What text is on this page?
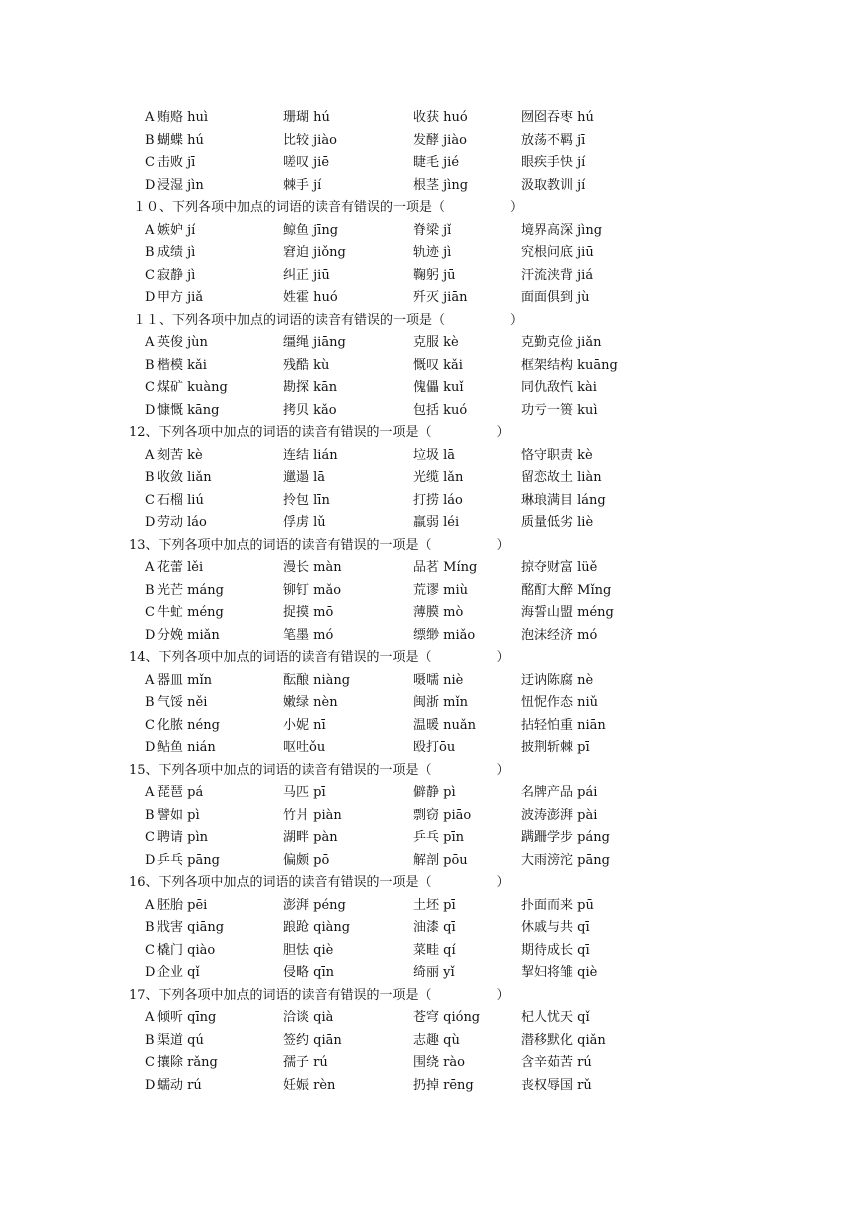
A 贿赂 huì	珊瑚 hú	收获 huó	囫囵吞枣 hú
B 蝴蝶 hú	比较 jiào	发酵 jiào	放荡不羁 jī
C 击败 jī	嗟叹 jiē	睫毛 jié	眼疾手快 jí
D 浸湿 jìn	棘手 jí	根茎 jìng	汲取教训 jí
１０、下列各项中加点的词语的读音有错误的一项是（　　　　　）
A 嫉妒 jí	鲸鱼 jīng	脊梁 jǐ	境界高深 jìng
B 成绩 jì	窘迫 jiǒng	轨迹 jì	究根问底 jiū
C 寂静 jì	纠正 jiū	鞠躬 jū	汗流浃背 jiá
D 甲方 jiǎ	姓霍 huó	歼灭 jiān	面面俱到 jù
１１、下列各项中加点的词语的读音有错误的一项是（　　　　　）
A 英俊 jùn	缰绳 jiāng	克服 kè	克勤克俭 jiǎn
B 楷模 kǎi	残酷 kù	慨叹 kǎi	框架结构 kuāng
C 煤矿 kuàng	勘探 kān	傀儡 kuǐ	同仇敌忾 kài
D 慷慨 kāng	拷贝 kǎo	包括 kuó	功亏一篑 kuì
12、下列各项中加点的词语的读音有错误的一项是（　　　　　）
A 刻苦 kè	连结 lián	垃圾 lā	恪守职责 kè
B 收敛 liǎn	邋遢 lā	光缆 lǎn	留恋故土 liàn
C 石榴 liú	拎包 līn	打捞 láo	琳琅满目 láng
D 劳动 láo	俘虏 lǔ	羸弱 léi	质量低劣 liè
13、下列各项中加点的词语的读音有错误的一项是（　　　　　）
A 花蕾 lěi	漫长 màn	品茗 Míng	掠夺财富 lüě
B 光芒 máng	铆钉 mǎo	荒谬 miù	酩酊大醉 Mǐng
C 牛虻 méng	捉摸 mō	薄膜 mò	海誓山盟 méng
D 分娩 miǎn	笔墨 mó	缥缈 miǎo	泡沫经济 mó
14、下列各项中加点的词语的读音有错误的一项是（　　　　　）
A 器皿 mǐn	酝酿 niàng	嗫嚅 niè	迂讷陈腐 nè
B 气馁 něi	嫩绿 nèn	闽浙 mǐn	忸怩作态 niǔ
C 化脓 néng	小妮 nī	温暖 nuǎn	拈轻怕重 niān
D 鲇鱼 nián	呕吐ǒu	殴打ōu	披荆斩棘 pī
15、下列各项中加点的词语的读音有错误的一项是（　　　　　）
A 琵琶 pá	马匹 pī	僻静 pì	名牌产品 pái
B 譬如 pì	竹爿 piàn	剽窃 piāo	波涛澎湃 pài
C 聘请 pìn	湖畔 pàn	乒乓 pīn	蹒跚学步 páng
D 乒乓 pāng	偏颇 pō	解剖 pōu	大雨滂沱 pāng
16、下列各项中加点的词语的读音有错误的一项是（　　　　　）
A 胚胎 pēi	澎湃 péng	土坯 pī	扑面而来 pū
B 戕害 qiāng	踉跄 qiàng	油漆 qī	休戚与共 qī
C 橇门 qiào	胆怯 qiè	菜畦 qí	期待成长 qī
D 企业 qǐ	侵略 qīn	绮丽 yǐ	挈妇将雏 qiè
17、下列各项中加点的词语的读音有错误的一项是（　　　　　）
A 倾听 qīng	洽谈 qià	苍穹 qióng	杞人忧天 qǐ
B 渠道 qú	签约 qiān	志趣 qù	潜移默化 qiǎn
C 攘除 rǎng	孺子 rú	围绕 rào	含辛茹苦 rú
D 蠕动 rú	妊娠 rèn	扔掉 rēng	丧权辱国 rǔ
